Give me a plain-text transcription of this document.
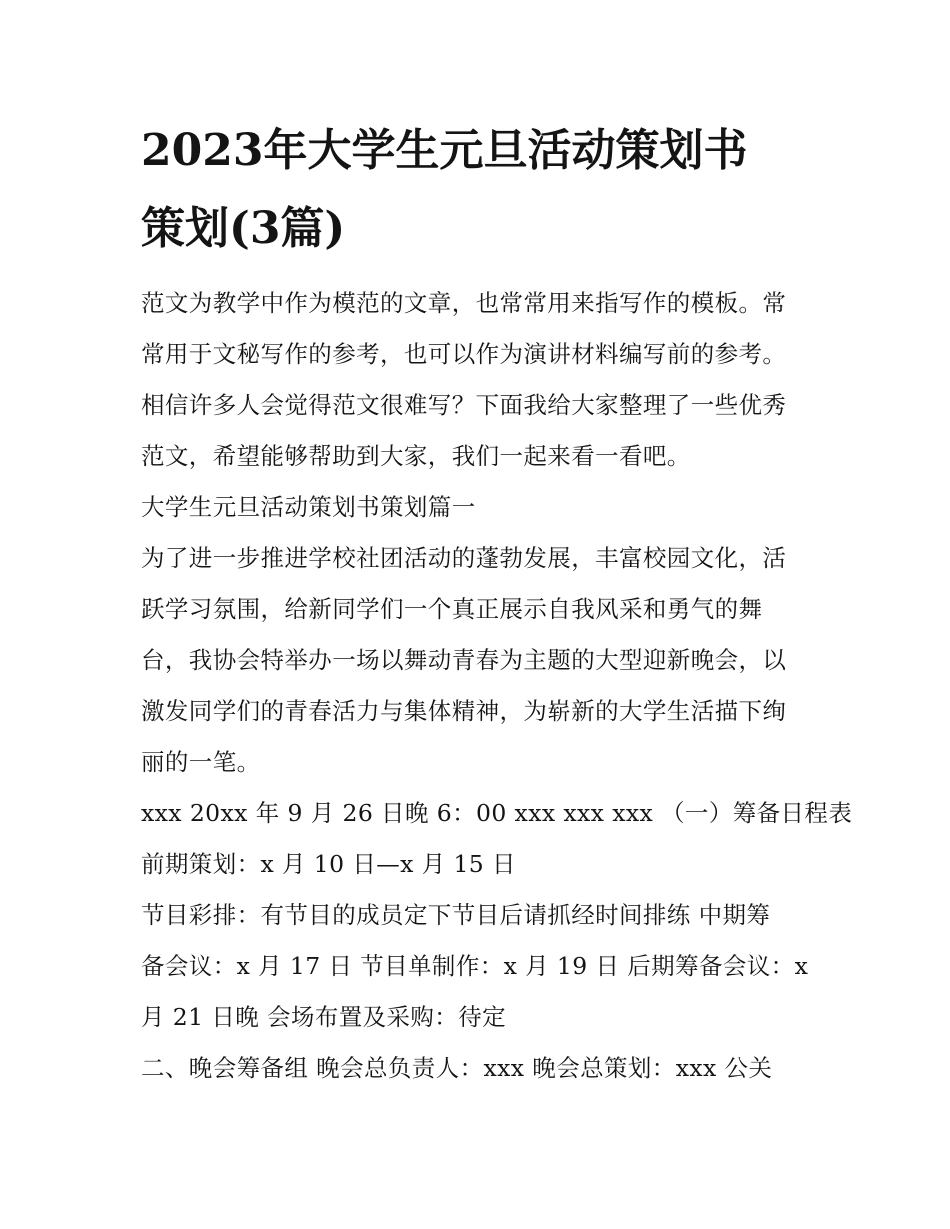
2023年大学生元旦活动策划书
策划(3篇)
范文为教学中作为模范的文章，也常常用来指写作的模板。常
常用于文秘写作的参考，也可以作为演讲材料编写前的参考。
相信许多人会觉得范文很难写？下面我给大家整理了一些优秀
范文，希望能够帮助到大家，我们一起来看一看吧。
大学生元旦活动策划书策划篇一
为了进一步推进学校社团活动的蓬勃发展，丰富校园文化，活
跃学习氛围，给新同学们一个真正展示自我风采和勇气的舞
台，我协会特举办一场以舞动青春为主题的大型迎新晚会，以
激发同学们的青春活力与集体精神，为崭新的大学生活描下绚
丽的一笔。
xxx 20xx 年 9 月 26 日晚 6：00 xxx xxx xxx （一）筹备日程表
前期策划：x 月 10 日—x 月 15 日
节目彩排：有节目的成员定下节目后请抓经时间排练 中期筹
备会议：x 月 17 日 节目单制作：x 月 19 日 后期筹备会议：x
月 21 日晚 会场布置及采购：待定
二、晚会筹备组 晚会总负责人：xxx 晚会总策划：xxx 公关
